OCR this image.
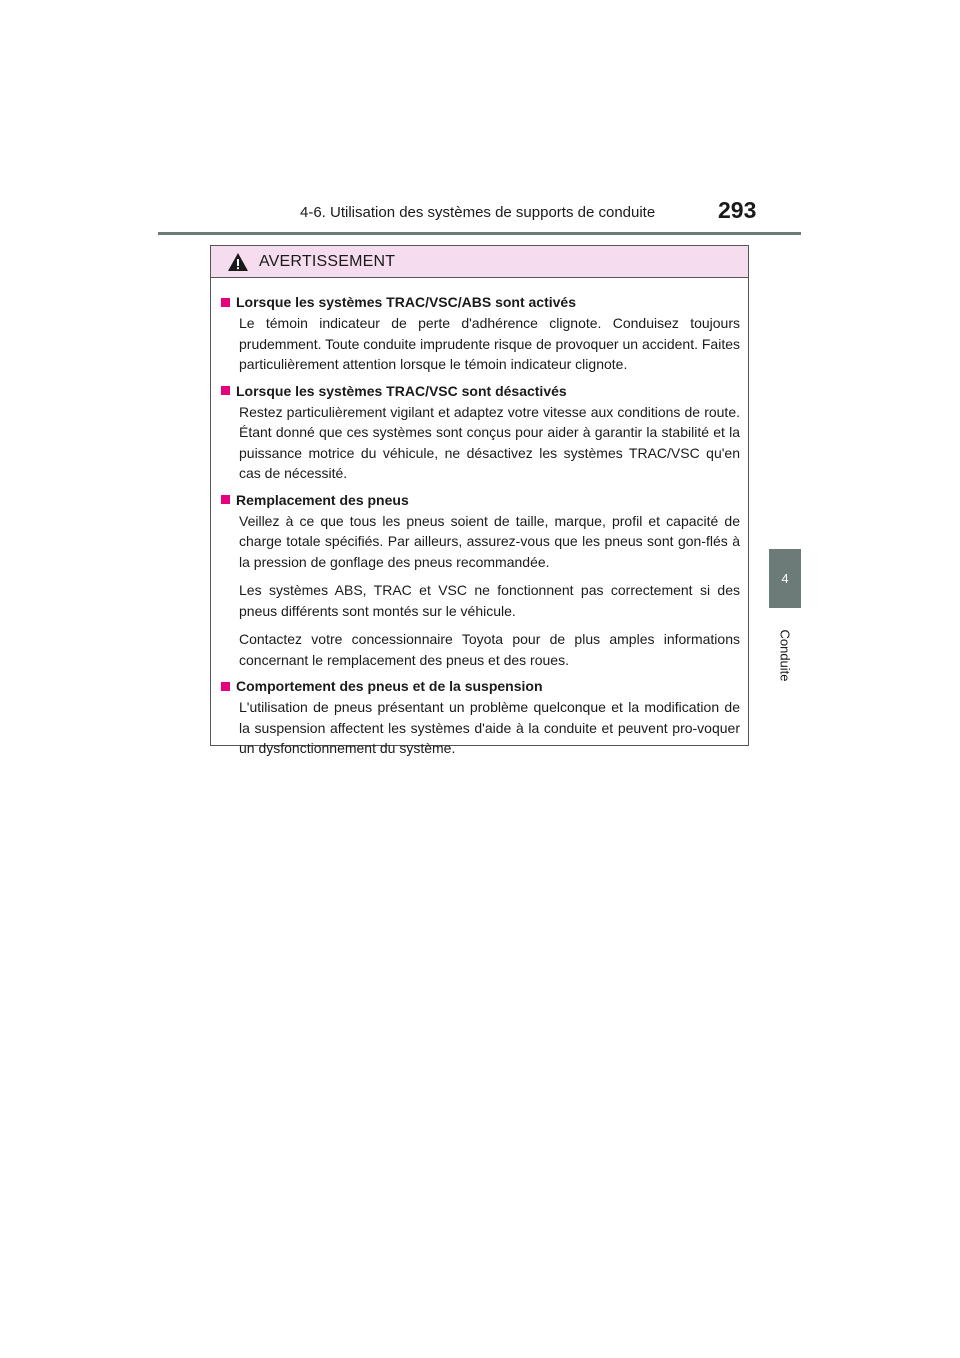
4-6. Utilisation des systèmes de supports de conduite	293
4
Conduite
AVERTISSEMENT
Lorsque les systèmes TRAC/VSC/ABS sont activés

Le témoin indicateur de perte d'adhérence clignote. Conduisez toujours prudemment. Toute conduite imprudente risque de provoquer un accident. Faites particulièrement attention lorsque le témoin indicateur clignote.

Lorsque les systèmes TRAC/VSC sont désactivés

Restez particulièrement vigilant et adaptez votre vitesse aux conditions de route. Étant donné que ces systèmes sont conçus pour aider à garantir la stabilité et la puissance motrice du véhicule, ne désactivez les systèmes TRAC/VSC qu'en cas de nécessité.

Remplacement des pneus

Veillez à ce que tous les pneus soient de taille, marque, profil et capacité de charge totale spécifiés. Par ailleurs, assurez-vous que les pneus sont gon-flés à la pression de gonflage des pneus recommandée.

Les systèmes ABS, TRAC et VSC ne fonctionnent pas correctement si des pneus différents sont montés sur le véhicule.

Contactez votre concessionnaire Toyota pour de plus amples informations concernant le remplacement des pneus et des roues.

Comportement des pneus et de la suspension

L'utilisation de pneus présentant un problème quelconque et la modification de la suspension affectent les systèmes d'aide à la conduite et peuvent pro-voquer un dysfonctionnement du système.
